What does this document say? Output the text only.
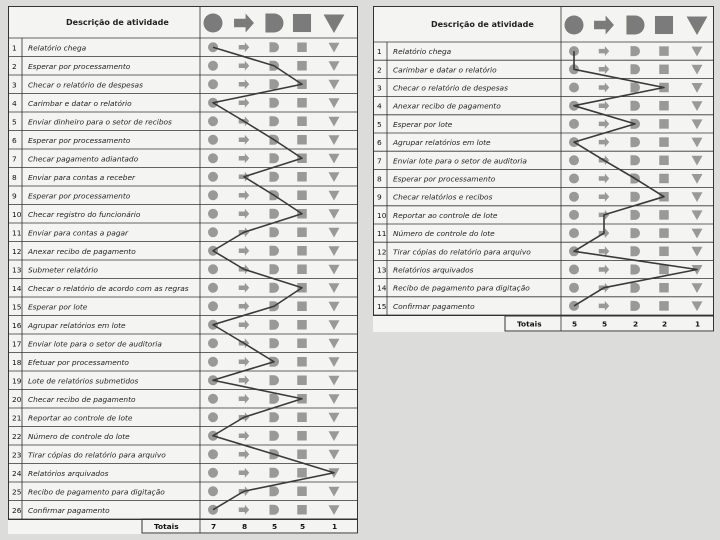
Descrição de atividade
1 Relatório chega
2 Esperar por processamento
3 Checar o relatório de despesas
4 Carimbar e datar o relatório
5 Enviar dinheiro para o setor de recibos
6 Esperar por processamento
7 Checar pagamento adiantado
8 Enviar para contas a receber
9 Esperar por processamento
10 Checar registro do funcionário
11 Enviar para contas a pagar
12 Anexar recibo de pagamento
13 Submeter relatório
14 Checar o relatório de acordo com as regras
15 Esperar por lote
16 Agrupar relatórios em lote
17 Enviar lote para o setor de auditoria
18 Efetuar por processamento
19 Lote de relatórios submetidos
20 Checar recibo de pagamento
21 Reportar ao controle de lote
22 Número de controle do lote
23 Tirar cópias do relatório para arquivo
24 Relatórios arquivados
25 Recibo de pagamento para digitação
26 Confirmar pagamento
Totais	7	8	5	5	1
Descrição de atividade
1 Relatório chega
2 Carimbar e datar o relatório
3 Checar o relatório de despesas
4 Anexar recibo de pagamento
5 Esperar por lote
6 Agrupar relatórios em lote
7 Enviar lote para o setor de auditoria
8 Esperar por processamento
9 Checar relatórios e recibos
10 Reportar ao controle de lote
11 Número de controle do lote
12 Tirar cópias do relatório para arquivo
13 Relatórios arquivados
14 Recibo de pagamento para digitação
15 Confirmar pagamento
Totais	5	5	2	2	1
